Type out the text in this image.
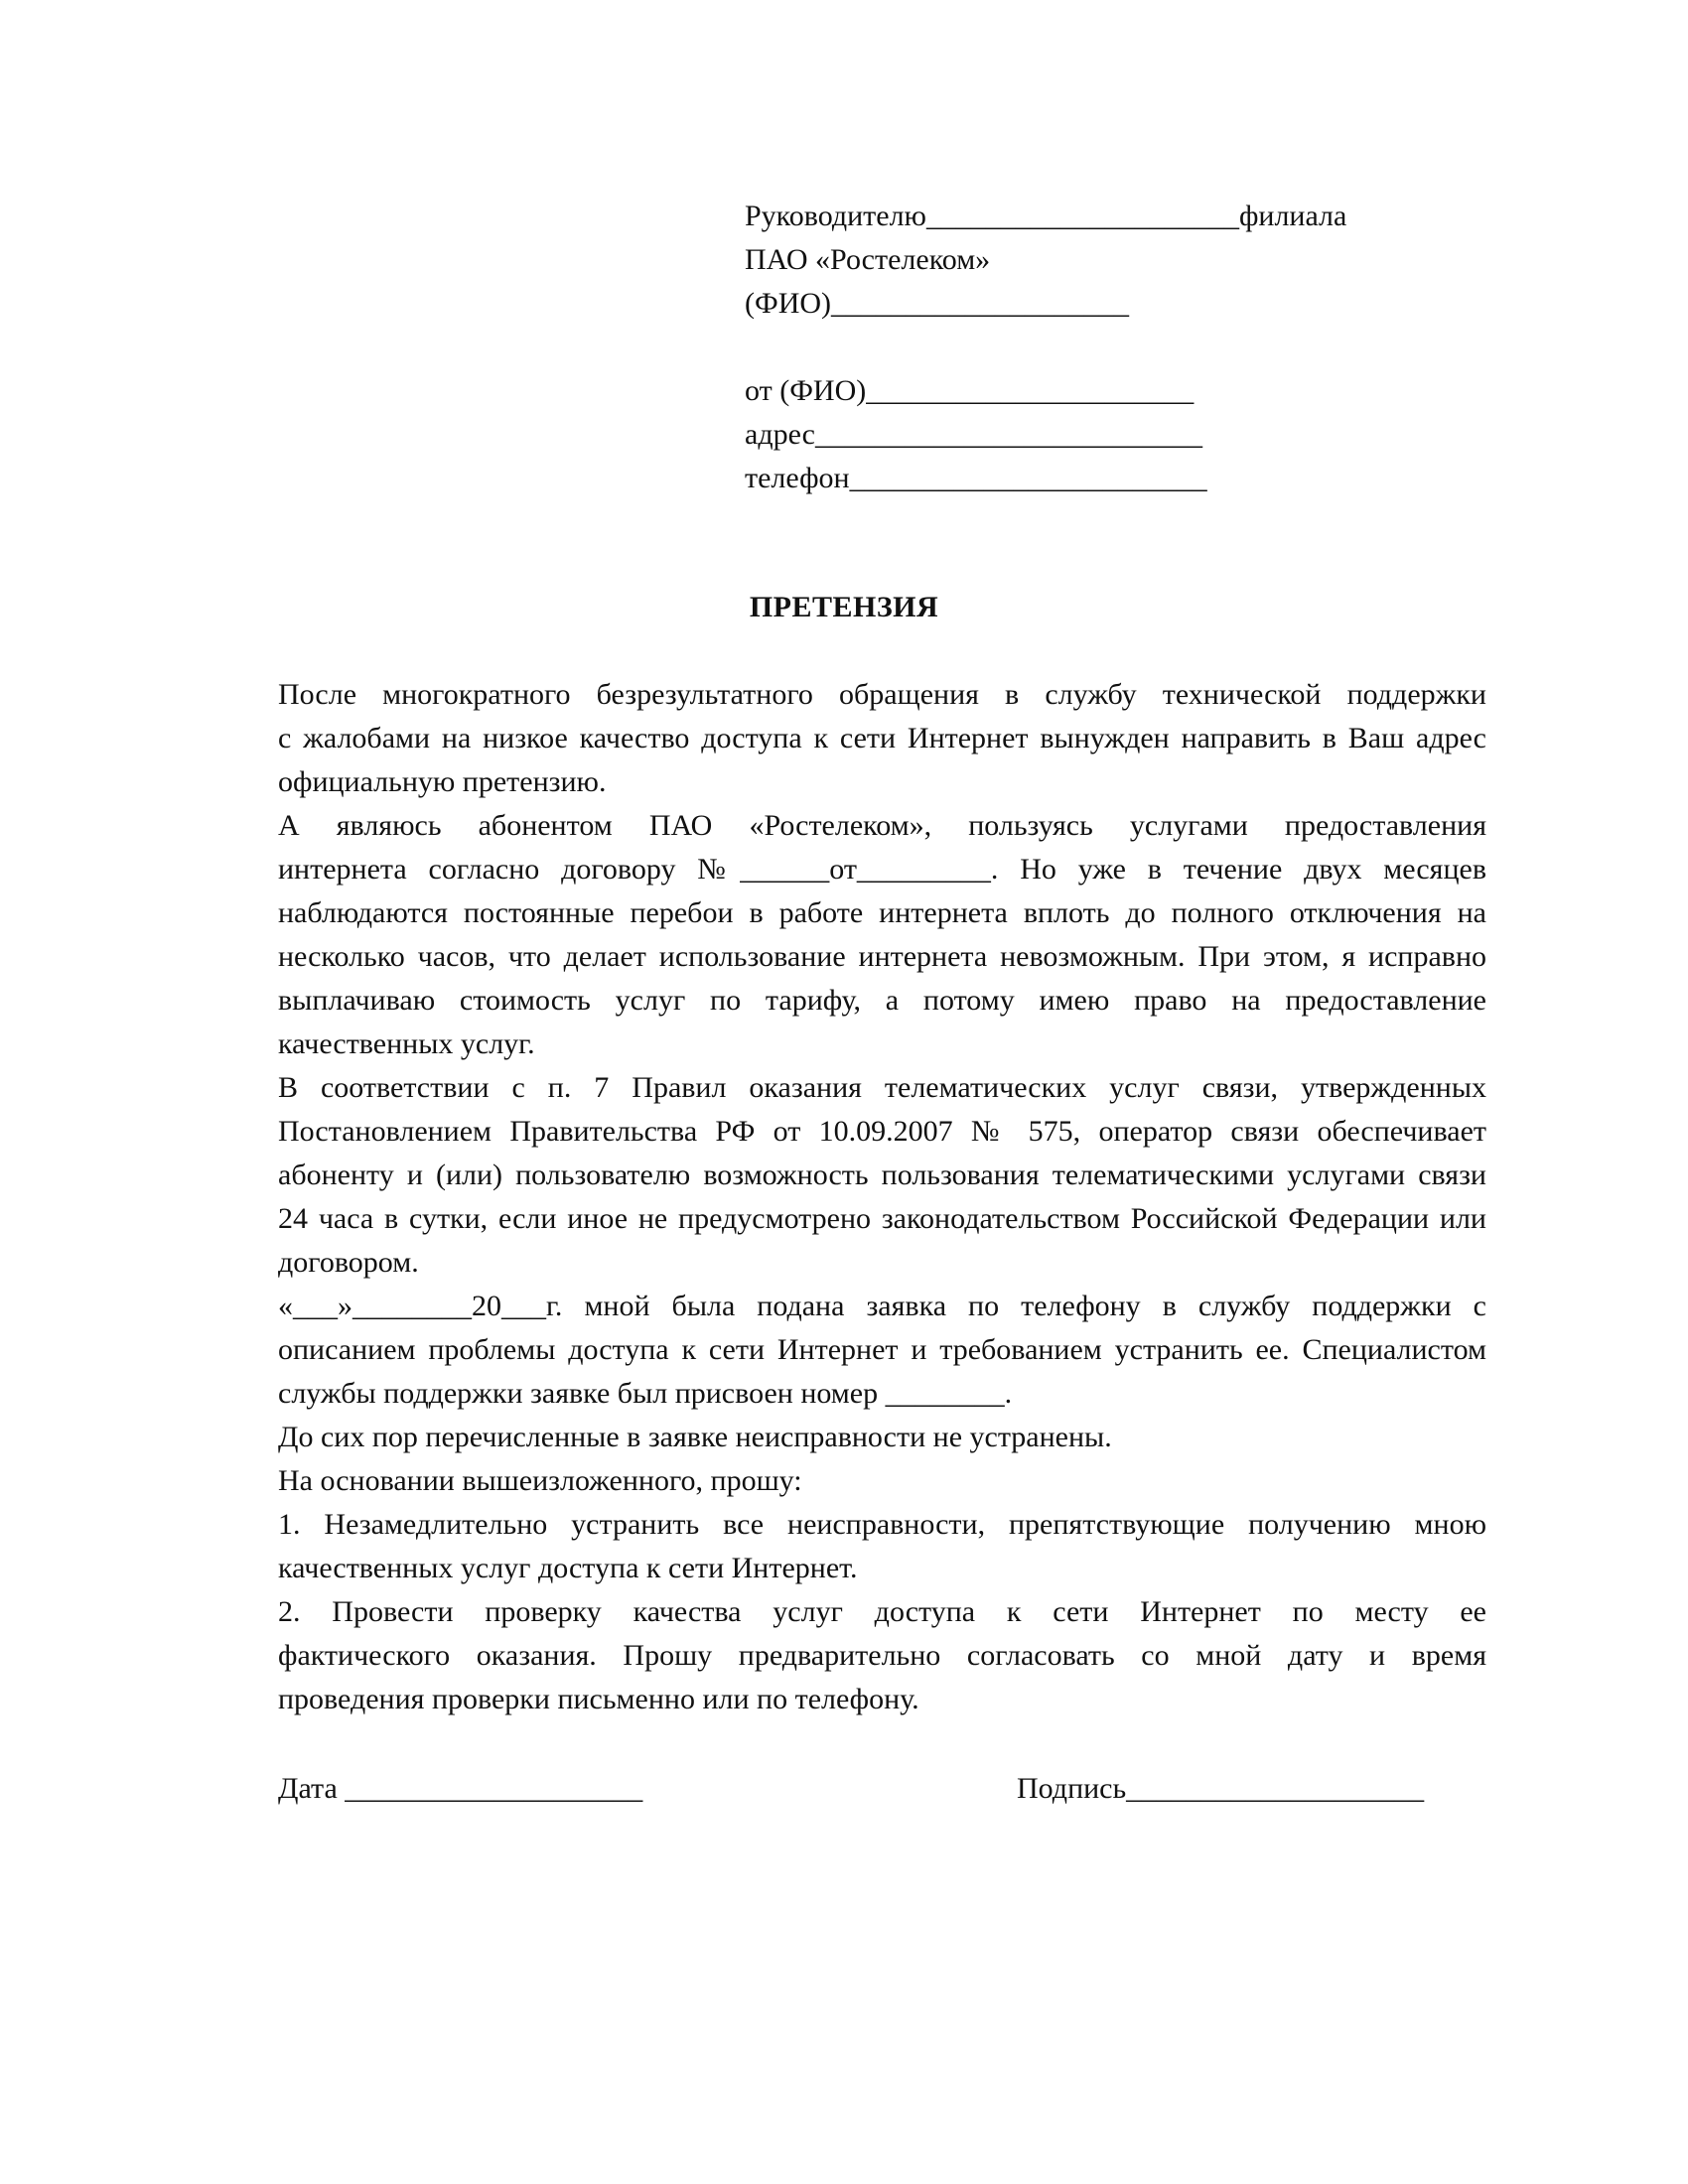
Руководителю_____________________филиала
ПАО «Ростелеком»
(ФИО)____________________
от (ФИО)______________________
адрес__________________________
телефон________________________
ПРЕТЕНЗИЯ

После многократного безрезультатного обращения в службу технической поддержки
с жалобами на низкое качество доступа к сети Интернет вынужден направить в Ваш адрес
официальную претензию.

А являюсь абонентом ПАО «Ростелеком», пользуясь услугами предоставления
интернета согласно договору №______от_________. Но уже в течение двух месяцев
наблюдаются постоянные перебои в работе интернета вплоть до полного отключения на
несколько часов, что делает использование интернета невозможным. При этом, я исправно
выплачиваю стоимость услуг по тарифу, а потому имею право на предоставление
качественных услуг.

В соответствии с п. 7 Правил оказания телематических услуг связи, утвержденных
Постановлением Правительства РФ от 10.09.2007 № 575, оператор связи обеспечивает
абоненту и (или) пользователю возможность пользования телематическими услугами связи
24 часа в сутки, если иное не предусмотрено законодательством Российской Федерации или
договором.

«___»________20___г. мной была подана заявка по телефону в службу поддержки с
описанием проблемы доступа к сети Интернет и требованием устранить ее. Специалистом
службы поддержки заявке был присвоен номер ________.

До сих пор перечисленные в заявке неисправности не устранены.

На основании вышеизложенного, прошу:

1. Незамедлительно устранить все неисправности, препятствующие получению мною
качественных услуг доступа к сети Интернет.

2. Провести проверку качества услуг доступа к сети Интернет по месту ее
фактического оказания. Прошу предварительно согласовать со мной дату и время
проведения проверки письменно или по телефону.

Дата ____________________	Подпись____________________
